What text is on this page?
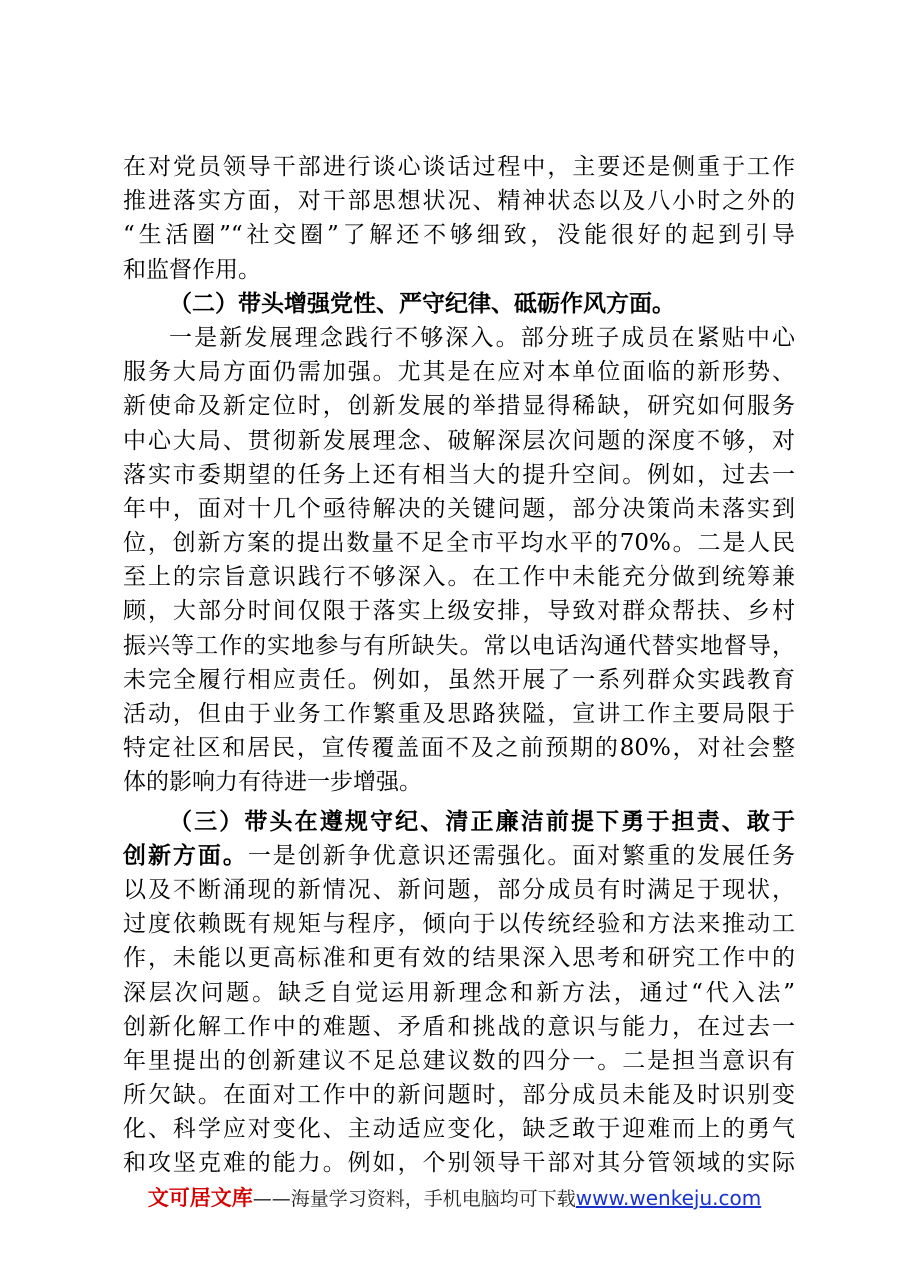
在对党员领导干部进行谈心谈话过程中，主要还是侧重于工作
推进落实方面，对干部思想状况、精神状态以及八小时之外的
“生活圈”“社交圈”了解还不够细致，没能很好的起到引导
和监督作用。
（二）带头增强党性、严守纪律、砥砺作风方面。
一是新发展理念践行不够深入。部分班子成员在紧贴中心
服务大局方面仍需加强。尤其是在应对本单位面临的新形势、
新使命及新定位时，创新发展的举措显得稀缺，研究如何服务
中心大局、贯彻新发展理念、破解深层次问题的深度不够，对
落实市委期望的任务上还有相当大的提升空间。例如，过去一
年中，面对十几个亟待解决的关键问题，部分决策尚未落实到
位，创新方案的提出数量不足全市平均水平的70%。二是人民
至上的宗旨意识践行不够深入。在工作中未能充分做到统筹兼
顾，大部分时间仅限于落实上级安排，导致对群众帮扶、乡村
振兴等工作的实地参与有所缺失。常以电话沟通代替实地督导，
未完全履行相应责任。例如，虽然开展了一系列群众实践教育
活动，但由于业务工作繁重及思路狭隘，宣讲工作主要局限于
特定社区和居民，宣传覆盖面不及之前预期的80%，对社会整
体的影响力有待进一步增强。
（三）带头在遵规守纪、清正廉洁前提下勇于担责、敢于
创新方面。一是创新争优意识还需强化。面对繁重的发展任务
以及不断涌现的新情况、新问题，部分成员有时满足于现状，
过度依赖既有规矩与程序，倾向于以传统经验和方法来推动工
作，未能以更高标准和更有效的结果深入思考和研究工作中的
深层次问题。缺乏自觉运用新理念和新方法，通过“代入法”
创新化解工作中的难题、矛盾和挑战的意识与能力，在过去一
年里提出的创新建议不足总建议数的四分一。二是担当意识有
所欠缺。在面对工作中的新问题时，部分成员未能及时识别变
化、科学应对变化、主动适应变化，缺乏敢于迎难而上的勇气
和攻坚克难的能力。例如，个别领导干部对其分管领域的实际
文可居文库——海量学习资料，手机电脑均可下载www.wenkeju.com
